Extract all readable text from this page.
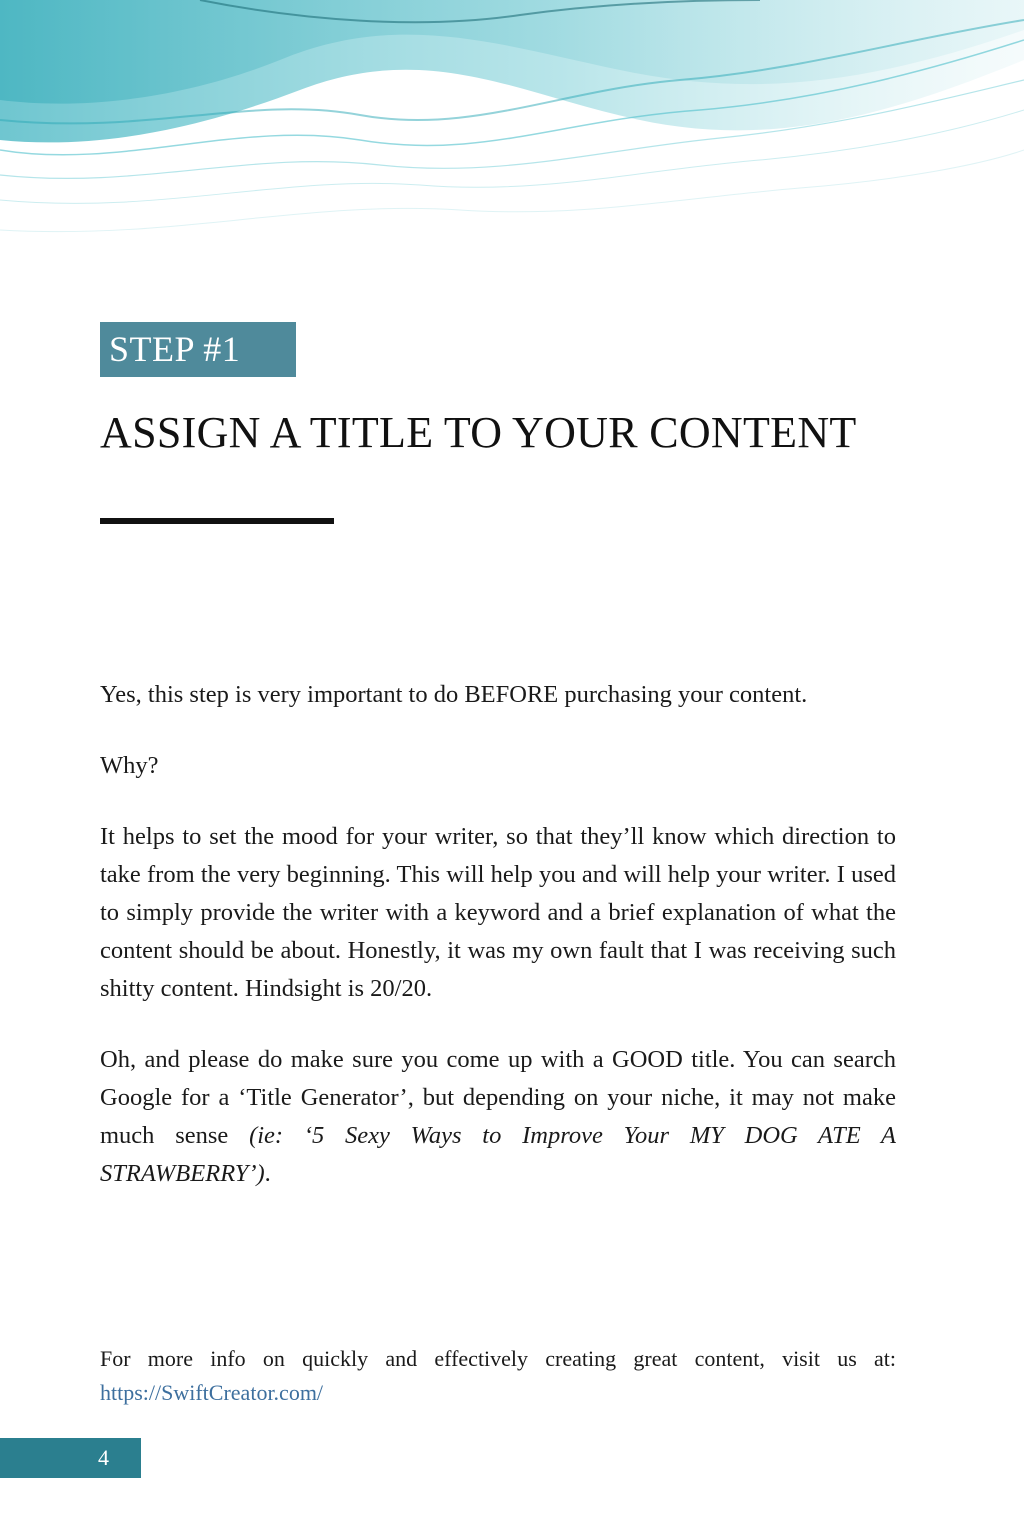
STEP #1
ASSIGN A TITLE TO YOUR CONTENT

Yes, this step is very important to do BEFORE purchasing your content.

Why?

It helps to set the mood for your writer, so that they’ll know which direction to take from the very beginning. This will help you and will help your writer. I used to simply provide the writer with a keyword and a brief explanation of what the content should be about. Honestly, it was my own fault that I was receiving such shitty content. Hindsight is 20/20.

Oh, and please do make sure you come up with a GOOD title. You can search Google for a ‘Title Generator’, but depending on your niche, it may not make much sense (ie: ‘5 Sexy Ways to Improve Your MY DOG ATE A STRAWBERRY’).

For more info on quickly and effectively creating great content, visit us at: https://SwiftCreator.com/
4
